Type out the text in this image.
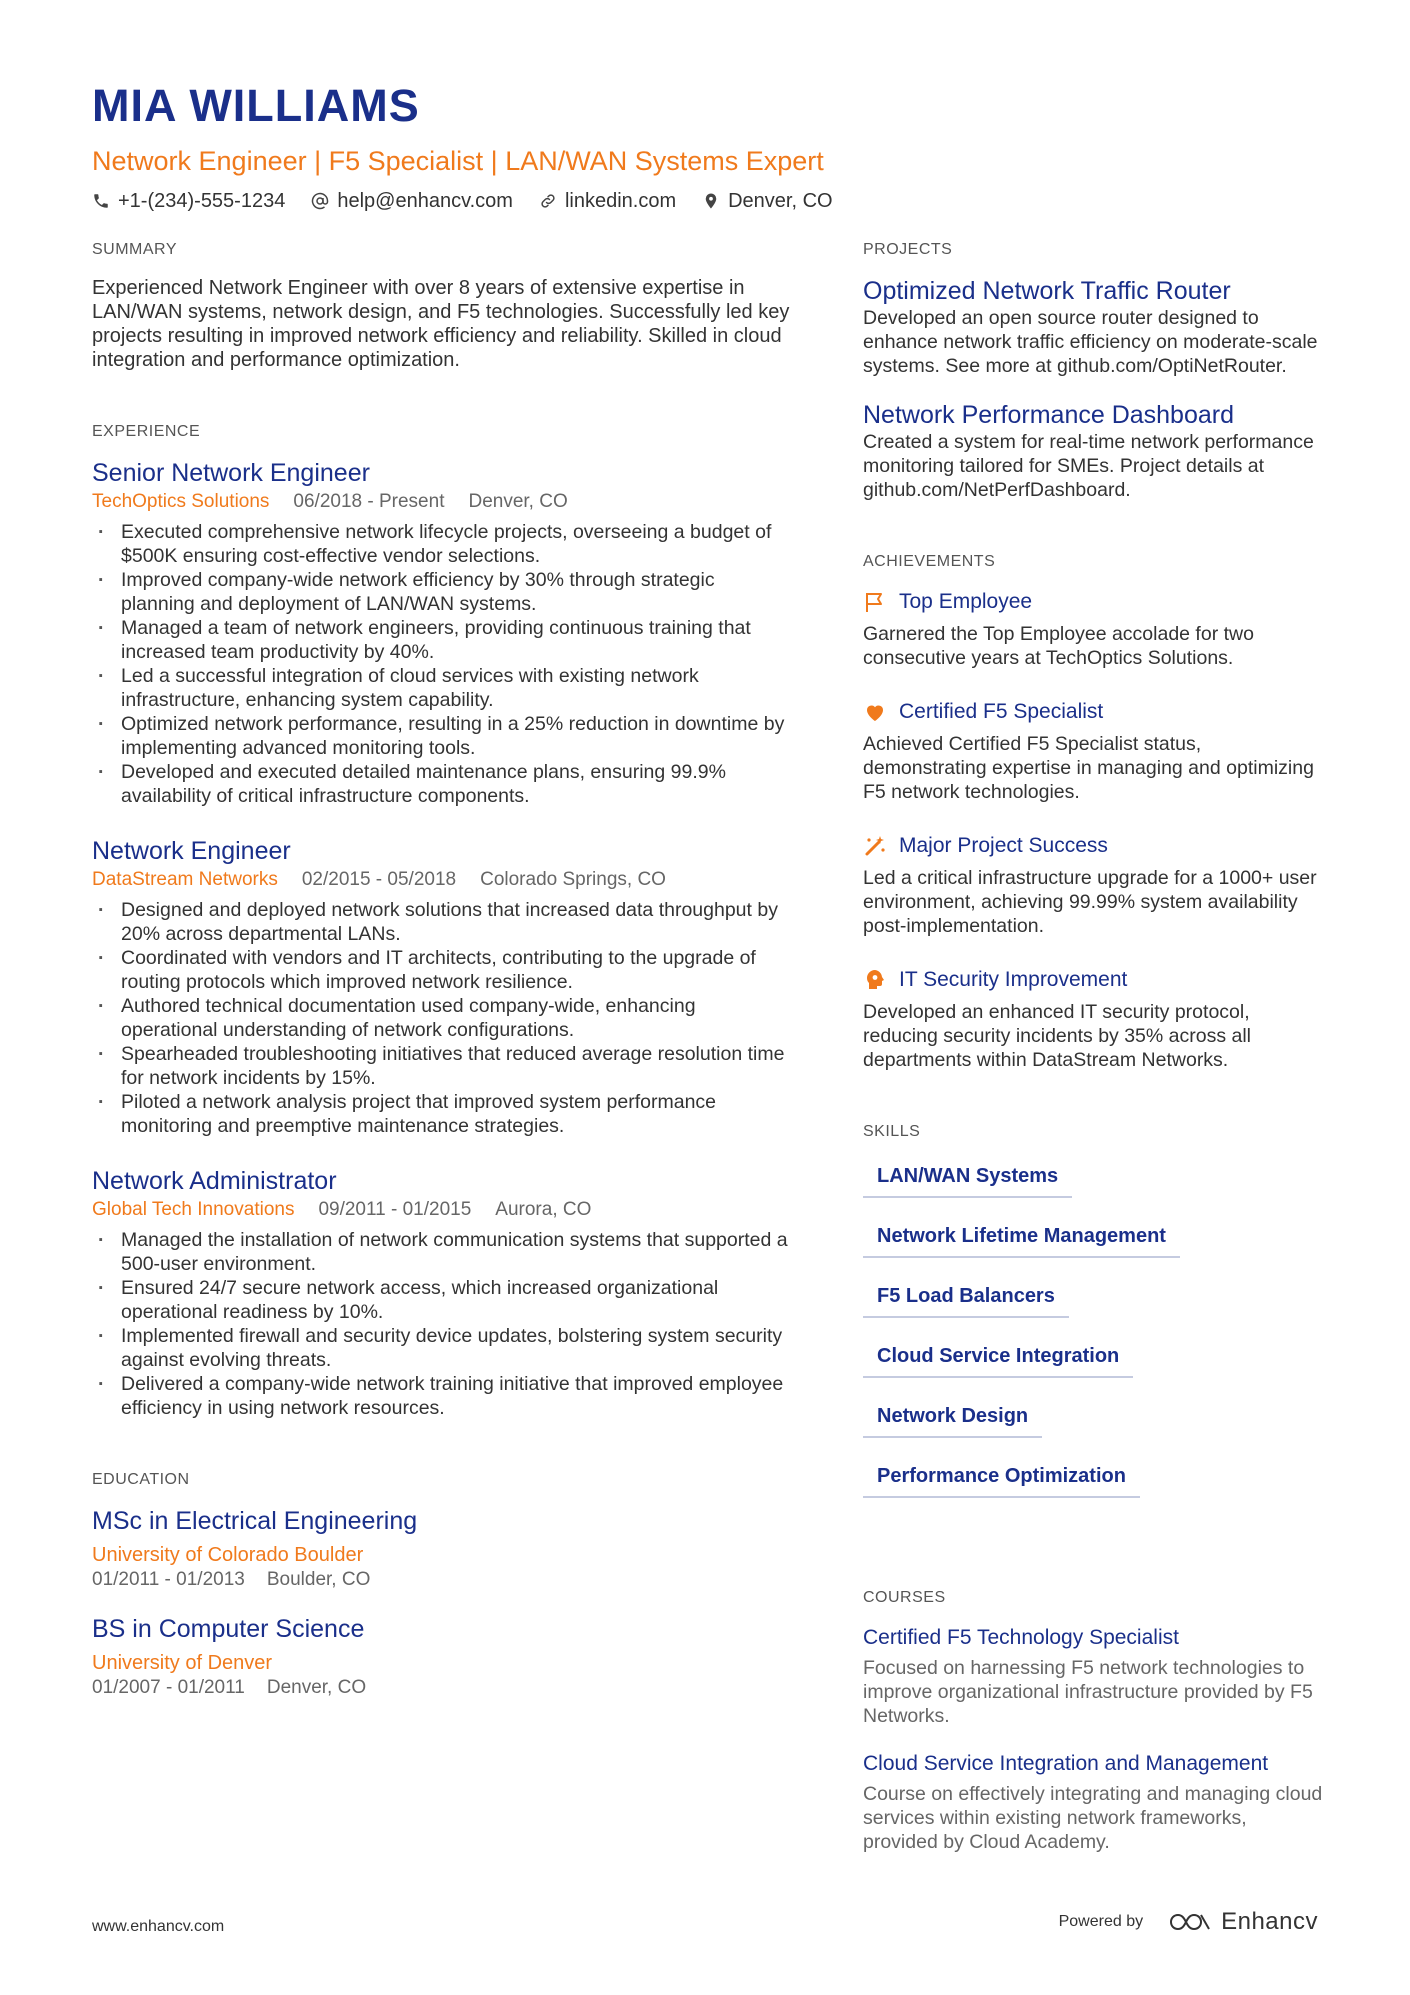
MIA WILLIAMS
Network Engineer | F5 Specialist | LAN/WAN Systems Expert
+1-(234)-555-1234	help@enhancv.com	linkedin.com	Denver, CO
SUMMARY

Experienced Network Engineer with over 8 years of extensive expertise in LAN/WAN systems, network design, and F5 technologies. Successfully led key projects resulting in improved network efficiency and reliability. Skilled in cloud integration and performance optimization.

EXPERIENCE
Senior Network Engineer
TechOptics Solutions 06/2018 - Present Denver, CO
· Executed comprehensive network lifecycle projects, overseeing a budget of $500K ensuring cost-effective vendor selections.
· Improved company-wide network efficiency by 30% through strategic planning and deployment of LAN/WAN systems.
· Managed a team of network engineers, providing continuous training that increased team productivity by 40%.
· Led a successful integration of cloud services with existing network infrastructure, enhancing system capability.
· Optimized network performance, resulting in a 25% reduction in downtime by implementing advanced monitoring tools.
· Developed and executed detailed maintenance plans, ensuring 99.9% availability of critical infrastructure components.
Network Engineer
DataStream Networks 02/2015 - 05/2018 Colorado Springs, CO
· Designed and deployed network solutions that increased data throughput by 20% across departmental LANs.
· Coordinated with vendors and IT architects, contributing to the upgrade of routing protocols which improved network resilience.
· Authored technical documentation used company-wide, enhancing operational understanding of network configurations.
· Spearheaded troubleshooting initiatives that reduced average resolution time for network incidents by 15%.
· Piloted a network analysis project that improved system performance monitoring and preemptive maintenance strategies.
Network Administrator
Global Tech Innovations 09/2011 - 01/2015 Aurora, CO
· Managed the installation of network communication systems that supported a 500-user environment.
· Ensured 24/7 secure network access, which increased organizational operational readiness by 10%.
· Implemented firewall and security device updates, bolstering system security against evolving threats.
· Delivered a company-wide network training initiative that improved employee efficiency in using network resources.
EDUCATION
MSc in Electrical Engineering
University of Colorado Boulder
01/2011 - 01/2013 Boulder, CO
BS in Computer Science
University of Denver
01/2007 - 01/2011 Denver, CO
PROJECTS
Optimized Network Traffic Router
Developed an open source router designed to enhance network traffic efficiency on moderate-scale systems. See more at github.com/OptiNetRouter.
Network Performance Dashboard
Created a system for real-time network performance monitoring tailored for SMEs. Project details at github.com/NetPerfDashboard.
ACHIEVEMENTS
Top Employee
Garnered the Top Employee accolade for two consecutive years at TechOptics Solutions.
Certified F5 Specialist
Achieved Certified F5 Specialist status, demonstrating expertise in managing and optimizing F5 network technologies.
Major Project Success
Led a critical infrastructure upgrade for a 1000+ user environment, achieving 99.99% system availability post-implementation.
IT Security Improvement
Developed an enhanced IT security protocol, reducing security incidents by 35% across all departments within DataStream Networks.
SKILLS
LAN/WAN Systems
Network Lifetime Management
F5 Load Balancers
Cloud Service Integration
Network Design
Performance Optimization
COURSES
Certified F5 Technology Specialist
Focused on harnessing F5 network technologies to improve organizational infrastructure provided by F5 Networks.
Cloud Service Integration and Management
Course on effectively integrating and managing cloud services within existing network frameworks, provided by Cloud Academy.
www.enhancv.com	Powered by	Enhancv
